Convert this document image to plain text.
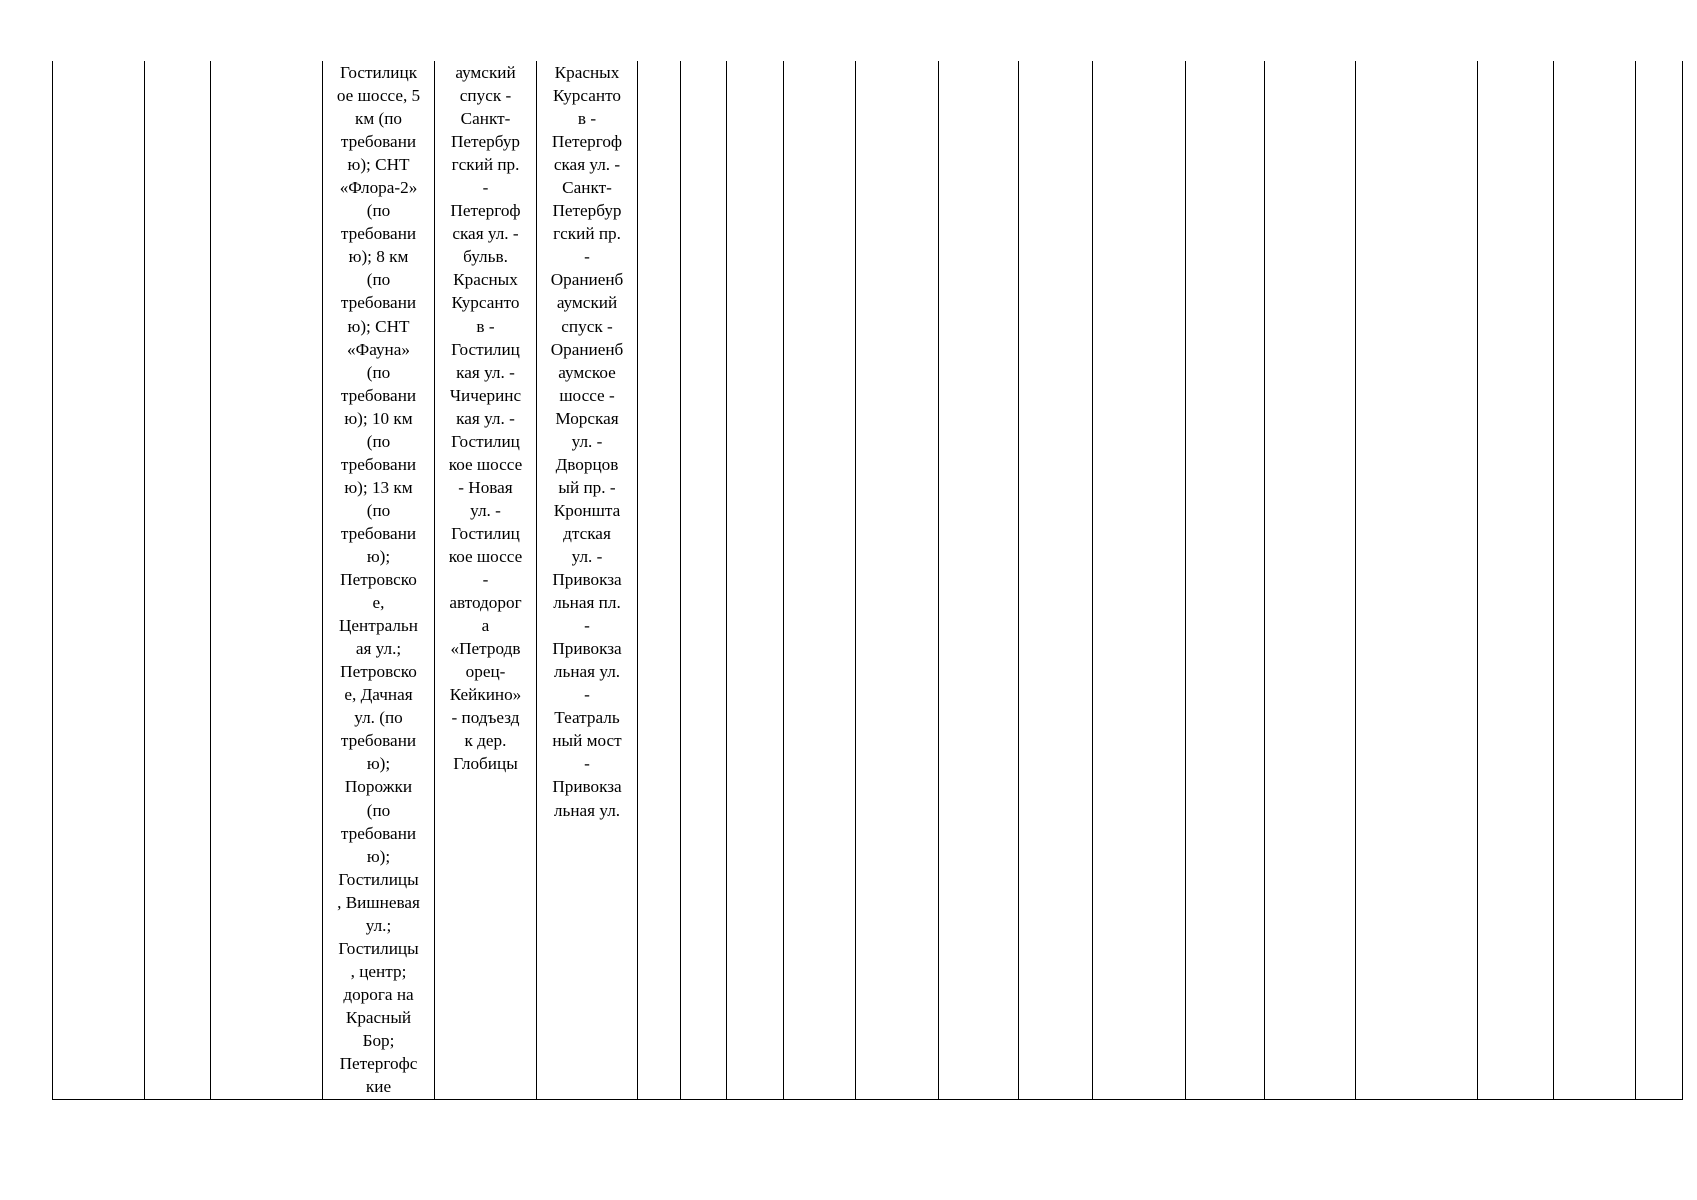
Гостилицк
ое шоссе, 5
км (по
требовани
ю); СНТ
«Флора-2»
(по
требовани
ю); 8 км
(по
требовани
ю); СНТ
«Фауна»
(по
требовани
ю); 10 км
(по
требовани
ю); 13 км
(по
требовани
ю);
Петровско
е,
Центральн
ая ул.;
Петровско
е, Дачная
ул. (по
требовани
ю);
Порожки
(по
требовани
ю);
Гостилицы
, Вишневая
ул.;
Гостилицы
, центр;
дорога на
Красный
Бор;
Петергофс
кие
аумский
спуск -
Санкт-
Петербур
гский пр.
-
Петергоф
ская ул. -
бульв.
Красных
Курсанто
в -
Гостилиц
кая ул. -
Чичеринс
кая ул. -
Гостилиц
кое шоссе
- Новая
ул. -
Гостилиц
кое шоссе
-
автодорог
а
«Петродв
орец-
Кейкино»
- подъезд
к дер.
Глобицы
Красных
Курсанто
в -
Петергоф
ская ул. -
Санкт-
Петербур
гский пр.
-
Ораниенб
аумский
спуск -
Ораниенб
аумское
шоссе -
Морская
ул. -
Дворцов
ый пр. -
Кроншта
дтская
ул. -
Привокза
льная пл.
-
Привокза
льная ул.
-
Театраль
ный мост
-
Привокза
льная ул.
